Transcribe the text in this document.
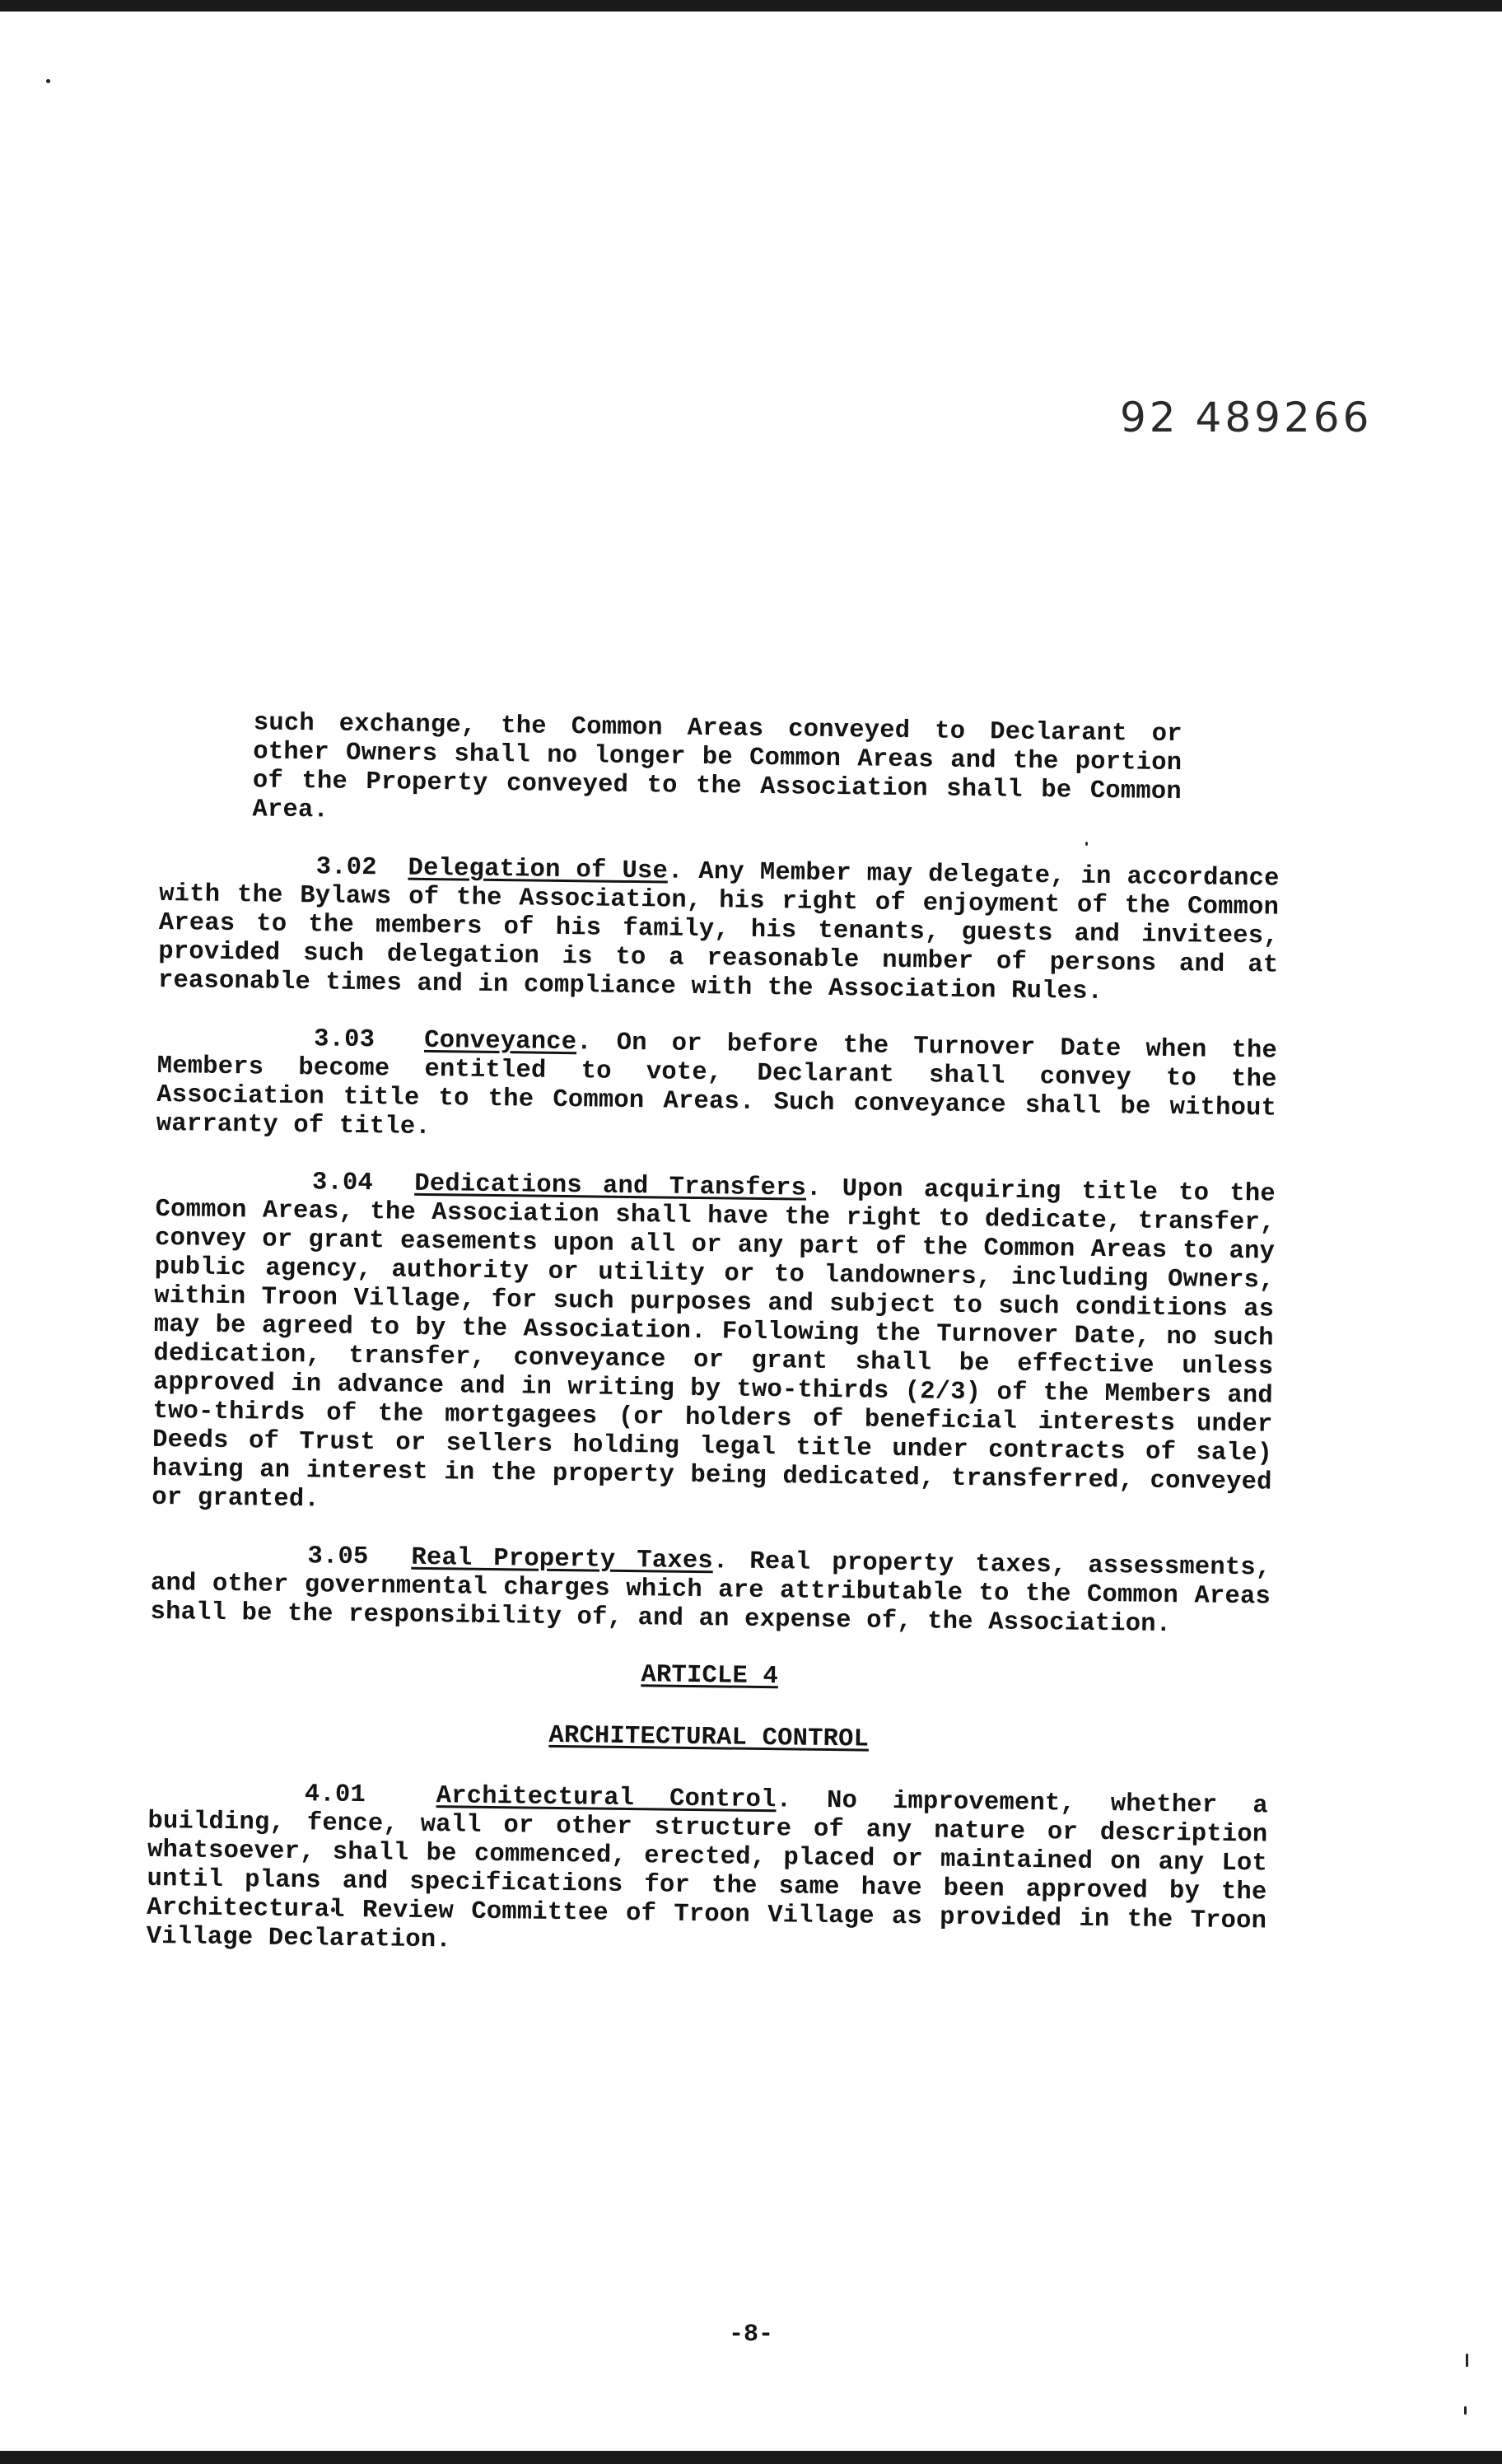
92 489266

such exchange, the Common Areas conveyed to Declarant or other Owners shall no longer be Common Areas and the portion of the Property conveyed to the Association shall be Common Area.

3.02 Delegation of Use. Any Member may delegate, in accordance with the Bylaws of the Association, his right of enjoyment of the Common Areas to the members of his family, his tenants, guests and invitees, provided such delegation is to a reasonable number of persons and at reasonable times and in compliance with the Association Rules.

3.03 Conveyance. On or before the Turnover Date when the Members become entitled to vote, Declarant shall convey to the Association title to the Common Areas. Such conveyance shall be without warranty of title.

3.04 Dedications and Transfers. Upon acquiring title to the Common Areas, the Association shall have the right to dedicate, transfer, convey or grant easements upon all or any part of the Common Areas to any public agency, authority or utility or to landowners, including Owners, within Troon Village, for such purposes and subject to such conditions as may be agreed to by the Association. Following the Turnover Date, no such dedication, transfer, conveyance or grant shall be effective unless approved in advance and in writing by two-thirds (2/3) of the Members and two-thirds of the mortgagees (or holders of beneficial interests under Deeds of Trust or sellers holding legal title under contracts of sale) having an interest in the property being dedicated, transferred, conveyed or granted.

3.05 Real Property Taxes. Real property taxes, assessments, and other governmental charges which are attributable to the Common Areas shall be the responsibility of, and an expense of, the Association.

ARTICLE 4
ARCHITECTURAL CONTROL

4.01	Architectural Control. No improvement, whether a building, fence, wall or other structure of any nature or description whatsoever, shall be commenced, erected, placed or maintained on any Lot until plans and specifications for the same have been approved by the Architectural Review Committee of Troon Village as provided in the Troon Village Declaration.

-8-
